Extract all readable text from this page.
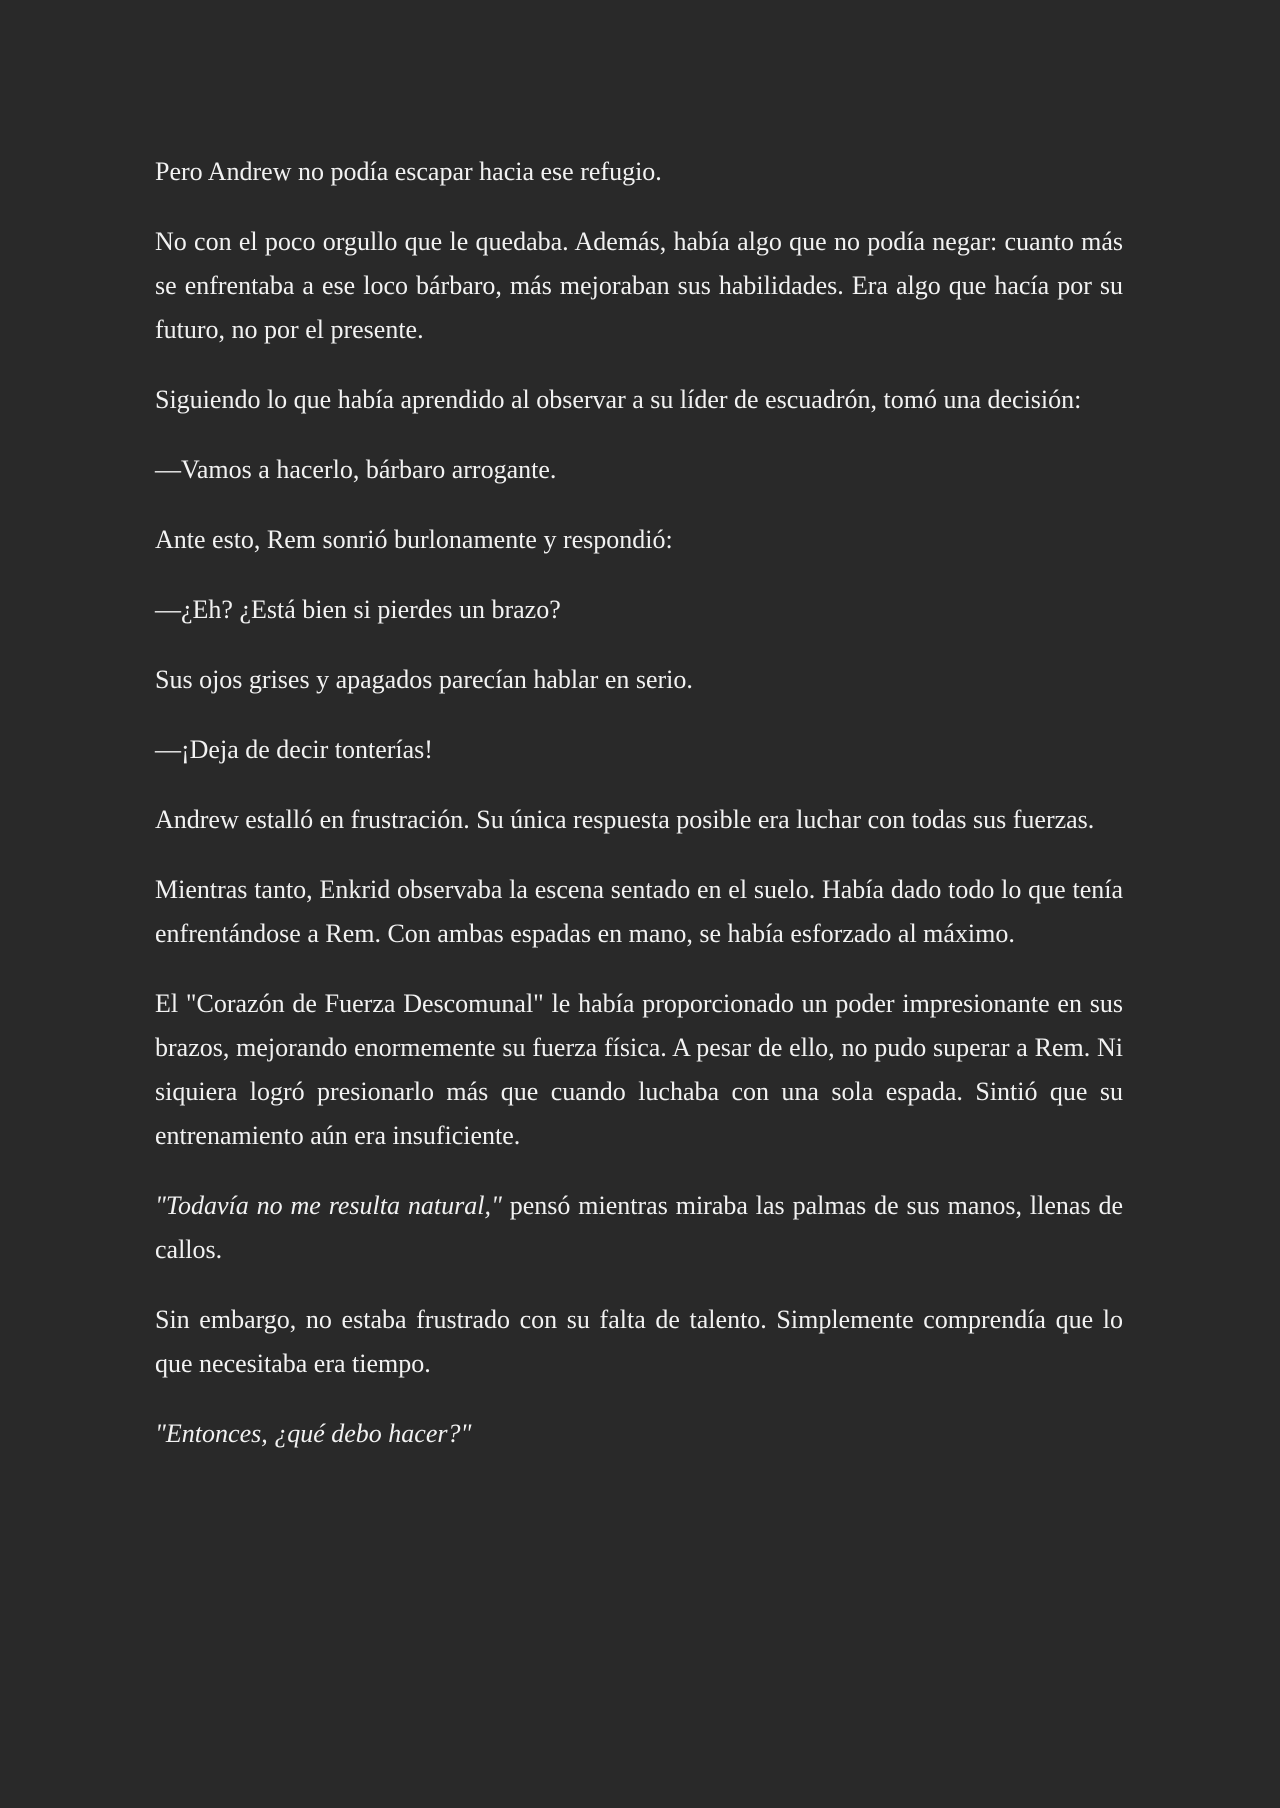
Pero Andrew no podía escapar hacia ese refugio.

No con el poco orgullo que le quedaba. Además, había algo que no podía negar: cuanto más se enfrentaba a ese loco bárbaro, más mejoraban sus habilidades. Era algo que hacía por su futuro, no por el presente.

Siguiendo lo que había aprendido al observar a su líder de escuadrón, tomó una decisión:

—Vamos a hacerlo, bárbaro arrogante.

Ante esto, Rem sonrió burlonamente y respondió:

—¿Eh? ¿Está bien si pierdes un brazo?

Sus ojos grises y apagados parecían hablar en serio.

—¡Deja de decir tonterías!

Andrew estalló en frustración. Su única respuesta posible era luchar con todas sus fuerzas.

Mientras tanto, Enkrid observaba la escena sentado en el suelo. Había dado todo lo que tenía enfrentándose a Rem. Con ambas espadas en mano, se había esforzado al máximo.

El "Corazón de Fuerza Descomunal" le había proporcionado un poder impresionante en sus brazos, mejorando enormemente su fuerza física. A pesar de ello, no pudo superar a Rem. Ni siquiera logró presionarlo más que cuando luchaba con una sola espada. Sintió que su entrenamiento aún era insuficiente.

"Todavía no me resulta natural," pensó mientras miraba las palmas de sus manos, llenas de callos.

Sin embargo, no estaba frustrado con su falta de talento. Simplemente comprendía que lo que necesitaba era tiempo.

"Entonces, ¿qué debo hacer?"
